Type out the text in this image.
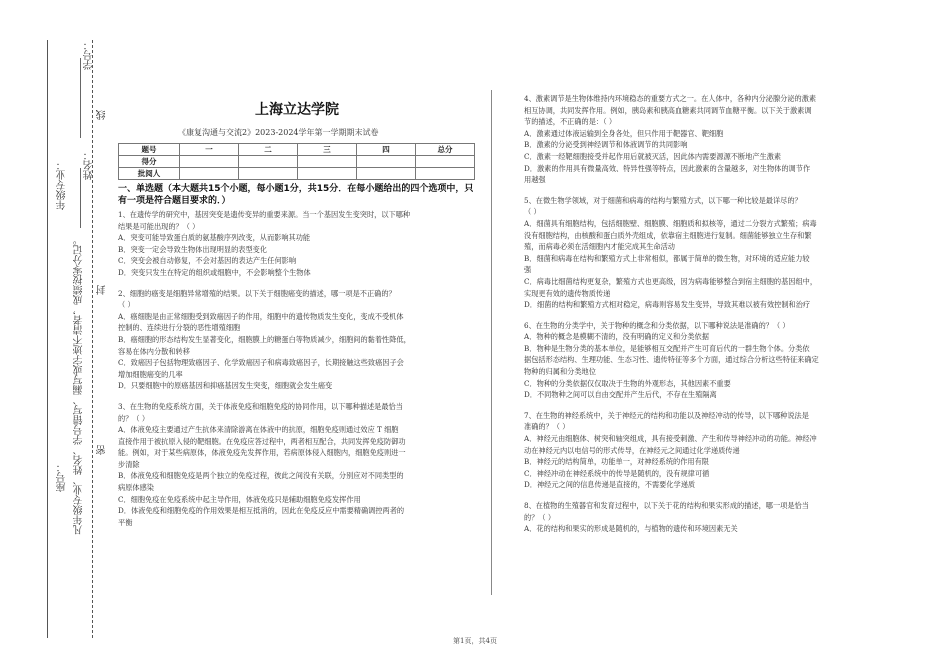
座号：
年级专业：
凡年级专业、姓名、学号错写、漏写或字迹不清者，成绩按零分记。
学号：
姓名：
线
封
密
上海立达学院
《康复沟通与交流2》2023-2024学年第一学期期末试卷
题号	一	二	三	四	总分
得分					
批阅人					
一、单选题（本大题共15个小题，每小题1分，共15分．在每小题给出的四个选项中，只有一项是符合题目要求的．）

1、在遗传学的研究中，基因突变是遗传变异的重要来源。当一个基因发生变突时，以下哪种

结果是可能出现的？（ ）

A．突变可能导致蛋白质的氨基酸序列改变，从而影响其功能

B．突变一定会导致生物体出现明显的表型变化

C．突变会被自动修复，不会对基因的表达产生任何影响

D．突变只发生在特定的组织或细胞中，不会影响整个生物体

2、细胞的癌变是细胞异常增殖的结果。以下关于细胞癌变的描述，哪一项是不正确的？

（ ）

A．癌细胞是由正常细胞受到致癌因子的作用，细胞中的遗传物质发生变化，变成不受机体

控制的、连续进行分裂的恶性增殖细胞

B．癌细胞的形态结构发生显著变化，细胞膜上的糖蛋白等物质减少，细胞间的黏着性降低，

容易在体内分散和转移

C．致癌因子包括物理致癌因子、化学致癌因子和病毒致癌因子，长期接触这些致癌因子会

增加细胞癌变的几率

D．只要细胞中的原癌基因和抑癌基因发生突变，细胞就会发生癌变

3、在生物的免疫系统方面，关于体液免疫和细胞免疫的协同作用，以下哪种描述是最恰当

的？（ ）

A．体液免疫主要通过产生抗体来清除游离在体液中的抗原，细胞免疫则通过效应 T 细胞

直接作用于被抗原入侵的靶细胞。在免疫应答过程中，两者相互配合，共同发挥免疫防御功

能。例如，对于某些病原体，体液免疫先发挥作用，若病原体侵入细胞内，细胞免疫则进一

步清除

B．体液免疫和细胞免疫是两个独立的免疫过程，彼此之间没有关联，分别应对不同类型的

病原体感染

C．细胞免疫在免疫系统中起主导作用，体液免疫只是辅助细胞免疫发挥作用

D．体液免疫和细胞免疫的作用效果是相互抵消的，因此在免疫反应中需要精确调控两者的

平衡

4、激素调节是生物体维持内环境稳态的重要方式之一。在人体中，各种内分泌腺分泌的激素

相互协调，共同发挥作用。例如，胰岛素和胰高血糖素共同调节血糖平衡。以下关于激素调

节的描述，不正确的是：（ ）

A．激素通过体液运输到全身各处，但只作用于靶器官、靶细胞

B．激素的分泌受到神经调节和体液调节的共同影响

C．激素一经靶细胞接受并起作用后就被灭活，因此体内需要源源不断地产生激素

D．激素的作用具有微量高效、特异性强等特点，因此激素的含量越多，对生物体的调节作

用越强

5、在微生物学领域，对于细菌和病毒的结构与繁殖方式，以下哪一种比较是最详尽的？

（ ）

A．细菌具有细胞结构，包括细胞壁、细胞膜、细胞质和拟核等，通过二分裂方式繁殖；病毒

没有细胞结构，由核酸和蛋白质外壳组成，依靠宿主细胞进行复制。细菌能够独立生存和繁

殖，而病毒必须在活细胞内才能完成其生命活动

B．细菌和病毒在结构和繁殖方式上非常相似，都属于简单的微生物，对环境的适应能力较

强

C．病毒比细菌结构更复杂，繁殖方式也更高级，因为病毒能够整合到宿主细胞的基因组中，

实现更有效的遗传物质传递

D．细菌的结构和繁殖方式相对稳定，病毒则容易发生变异，导致其难以被有效控制和治疗

6、在生物的分类学中，关于物种的概念和分类依据，以下哪种说法是准确的？（ ）

A．物种的概念是模糊不清的，没有明确的定义和分类依据

B．物种是生物分类的基本单位，是能够相互交配并产生可育后代的一群生物个体。分类依

据包括形态结构、生理功能、生态习性、遗传特征等多个方面，通过综合分析这些特征来确定

物种的归属和分类地位

C．物种的分类依据仅仅取决于生物的外观形态，其他因素不重要

D．不同物种之间可以自由交配并产生后代，不存在生殖隔离

7、在生物的神经系统中，关于神经元的结构和功能以及神经冲动的传导，以下哪种说法是

准确的？（ ）

A．神经元由细胞体、树突和轴突组成，具有接受刺激、产生和传导神经冲动的功能。神经冲

动在神经元内以电信号的形式传导，在神经元之间通过化学递质传递

B．神经元的结构简单，功能单一，对神经系统的作用有限

C．神经冲动在神经系统中的传导是随机的，没有规律可循

D．神经元之间的信息传递是直接的，不需要化学递质

8、在植物的生殖器官和发育过程中，以下关于花的结构和果实形成的描述，哪一项是恰当

的？（ ）

A．花的结构和果实的形成是随机的，与植物的遗传和环境因素无关

第1页，共4页
